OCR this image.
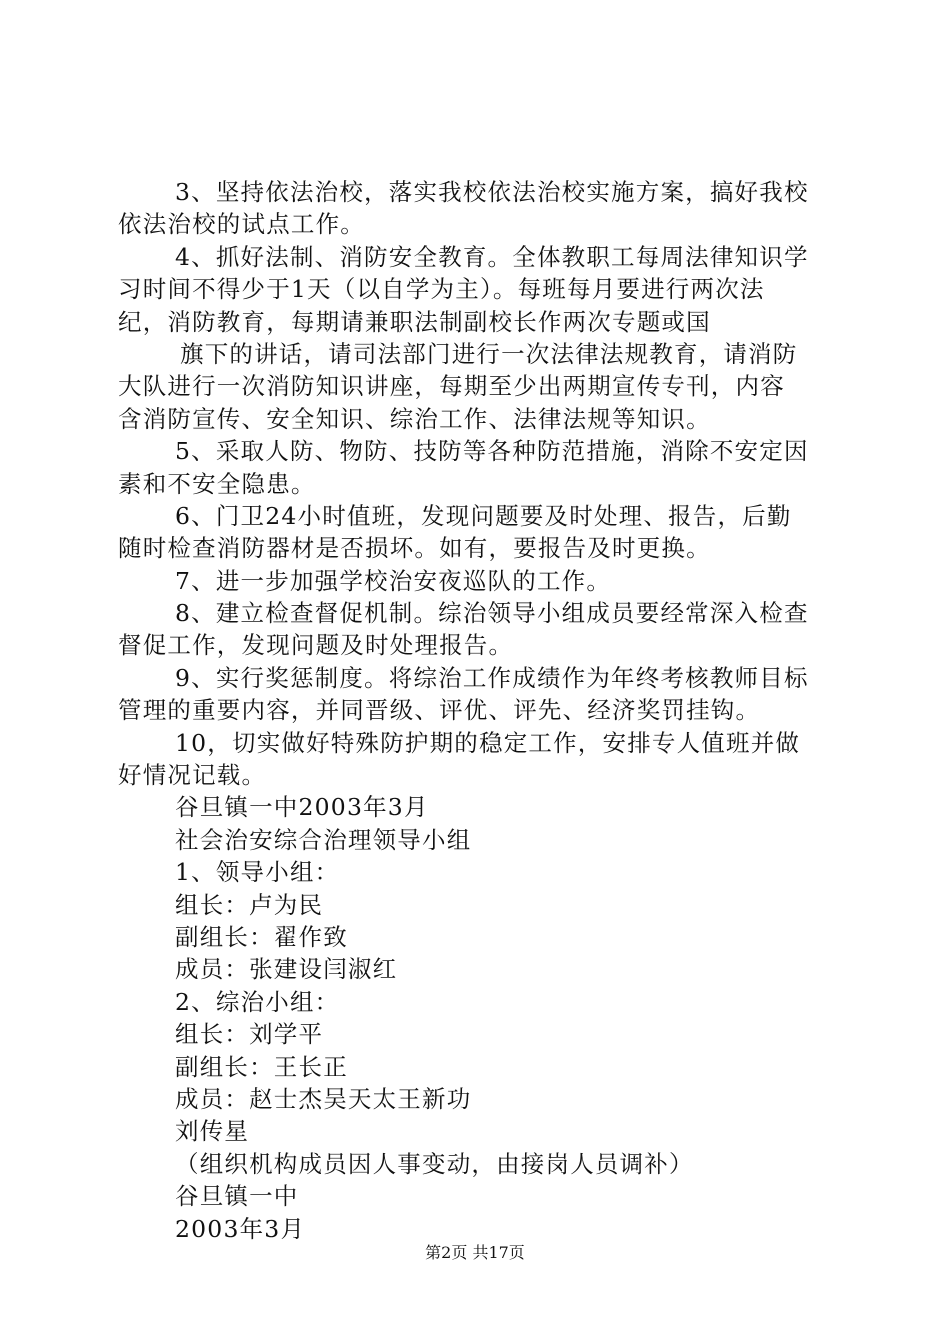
3、坚持依法治校，落实我校依法治校实施方案，搞好我校
依法治校的试点工作。
4、抓好法制、消防安全教育。全体教职工每周法律知识学
习时间不得少于1天（以自学为主）。每班每月要进行两次法
纪，消防教育，每期请兼职法制副校长作两次专题或国
旗下的讲话，请司法部门进行一次法律法规教育，请消防
大队进行一次消防知识讲座，每期至少出两期宣传专刊，内容
含消防宣传、安全知识、综治工作、法律法规等知识。
5、采取人防、物防、技防等各种防范措施，消除不安定因
素和不安全隐患。
6、门卫24小时值班，发现问题要及时处理、报告，后勤
随时检查消防器材是否损坏。如有，要报告及时更换。
7、进一步加强学校治安夜巡队的工作。
8、建立检查督促机制。综治领导小组成员要经常深入检查
督促工作，发现问题及时处理报告。
9、实行奖惩制度。将综治工作成绩作为年终考核教师目标
管理的重要内容，并同晋级、评优、评先、经济奖罚挂钩。
10，切实做好特殊防护期的稳定工作，安排专人值班并做
好情况记载。
谷旦镇一中2003年3月
社会治安综合治理领导小组
1、领导小组：
组长：卢为民
副组长：翟作致
成员：张建设闫淑红
2、综治小组：
组长：刘学平
副组长：王长正
成员：赵士杰吴天太王新功
刘传星
（组织机构成员因人事变动，由接岗人员调补）
谷旦镇一中
2003年3月
第2页 共17页
